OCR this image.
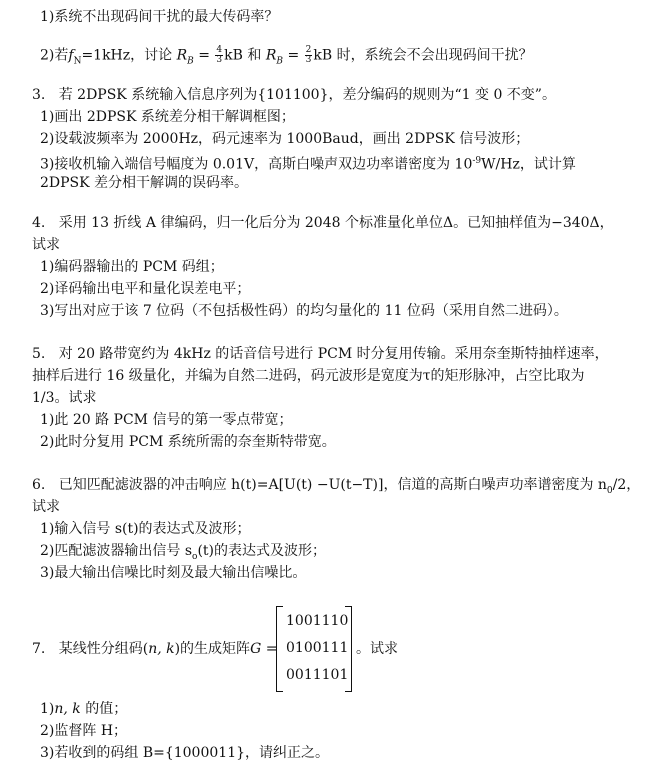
1)系统不出现码间干扰的最大传码率？
2)若$f_N=1kHz$，讨论 $R_B = \frac{4}{3}$ kB 和 $R_B = \frac{2}{3}$ kB 时，系统会不会出现码间干扰？
3. 若 2DPSK 系统输入信息序列为{101100}，差分编码的规则为“1 变 0 不变”。
1)画出 2DPSK 系统差分相干解调框图；
2)设载波频率为 2000Hz，码元速率为 1000Baud，画出 2DPSK 信号波形；
3)接收机输入端信号幅度为 0.01V，高斯白噪声双边功率谱密度为 $10^{-9}W/Hz$，试计算
2DPSK 差分相干解调的误码率。
4. 采用 13 折线 A 律编码，归一化后分为 2048 个标准量化单位Δ。已知抽样值为−340Δ，
试求
1)编码器输出的 PCM 码组；
2)译码输出电平和量化误差电平；
3)写出对应于该 7 位码（不包括极性码）的均匀量化的 11 位码（采用自然二进码）。
5. 对 20 路带宽约为 4kHz 的话音信号进行 PCM 时分复用传输。采用奈奎斯特抽样速率，
抽样后进行 16 级量化，并编为自然二进码，码元波形是宽度为τ的矩形脉冲，占空比取为
1/3。试求
1)此 20 路 PCM 信号的第一零点带宽；
2)此时分复用 PCM 系统所需的奈奎斯特带宽。
6. 已知匹配滤波器的冲击响应 h(t)=A[U(t) −U(t−T)]，信道的高斯白噪声功率谱密度为 $n_0/2$，
试求
1)输入信号 s(t)的表达式及波形；
2)匹配滤波器输出信号 $s_o(t)$的表达式及波形；
3)最大输出信噪比时刻及最大输出信噪比。
7. 某线性分组码(n, k)的生成矩阵G =
1001110
0100111
0011101
。试求
1)n, k 的值；
2)监督阵 H；
3)若收到的码组 B={1000011}，请纠正之。
